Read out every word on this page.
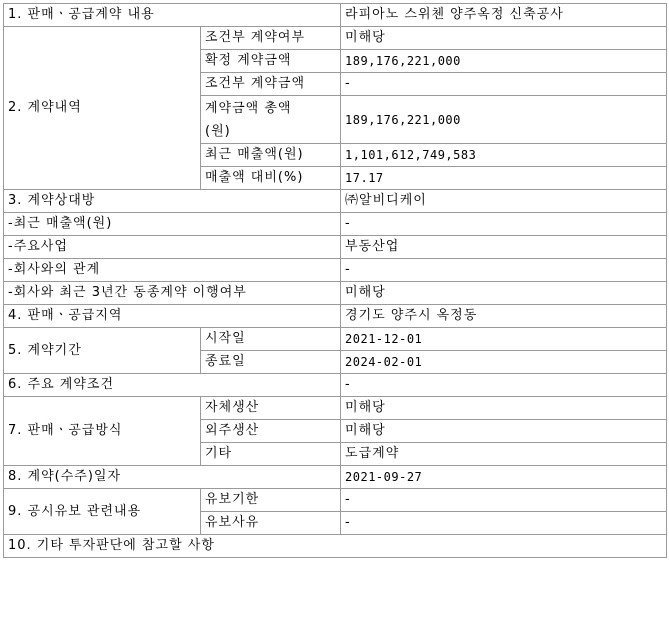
1. 판매ㆍ공급계약 내용		라피아노 스위첸 양주옥정 신축공사
2. 계약내역	조건부 계약여부	미해당
	확정 계약금액	189,176,221,000
	조건부 계약금액	-
	계약금액 총액
(원)	189,176,221,000
	최근 매출액(원)	1,101,612,749,583
	매출액 대비(%)	17.17
3. 계약상대방		㈜알비디케이
-최근 매출액(원)		-
-주요사업		부동산업
-회사와의 관계		-
-회사와 최근 3년간 동종계약 이행여부		미해당
4. 판매ㆍ공급지역		경기도 양주시 옥정동
5. 계약기간	시작일	2021-12-01
	종료일	2024-02-01
6. 주요 계약조건		-
7. 판매ㆍ공급방식	자체생산	미해당
	외주생산	미해당
	기타	도급계약
8. 계약(수주)일자		2021-09-27
9. 공시유보 관련내용	유보기한	-
	유보사유	-
10. 기타 투자판단에 참고할 사항		
